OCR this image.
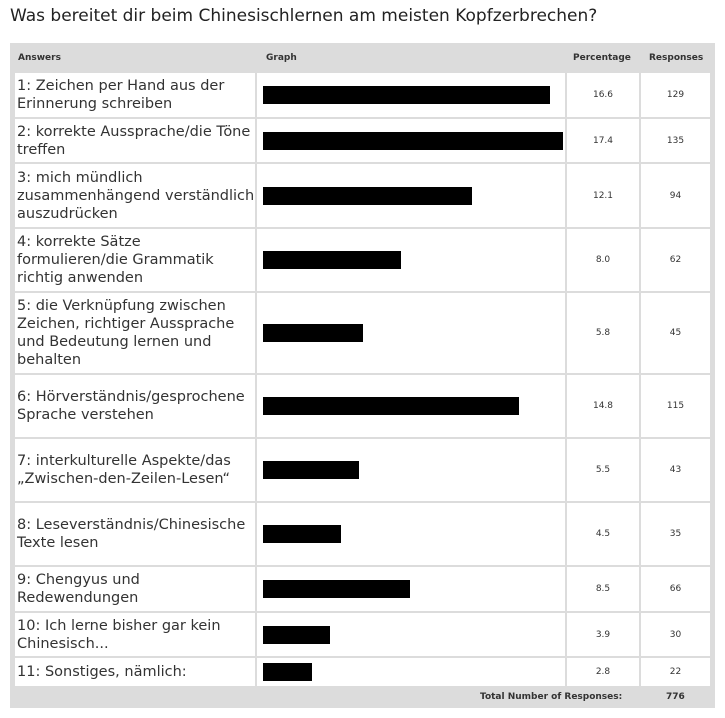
Was bereitet dir beim Chinesischlernen am meisten Kopfzerbrechen?
Answers	Graph	Percentage Responses
1: Zeichen per Hand aus der Erinnerung schreiben
16.6	129
2: korrekte Aussprache/die Töne treffen
17.4	135
3: mich mündlich zusammenhängend verständlich auszudrücken
12.1	94
4: korrekte Sätze formulieren/die Grammatik richtig anwenden
8.0	62
5: die Verknüpfung zwischen Zeichen, richtiger Aussprache und Bedeutung lernen und behalten
5.8	45
6: Hörverständnis/gesprochene Sprache verstehen
14.8	115
7: interkulturelle Aspekte/das „Zwischen-den-Zeilen-Lesen“
5.5	43
8: Leseverständnis/Chinesische Texte lesen
4.5	35
9: Chengyus und Redewendungen
8.5	66
10: Ich lerne bisher gar kein Chinesisch...
3.9	30
11: Sonstiges, nämlich:	2.8	22
Total Number of Responses:	776
